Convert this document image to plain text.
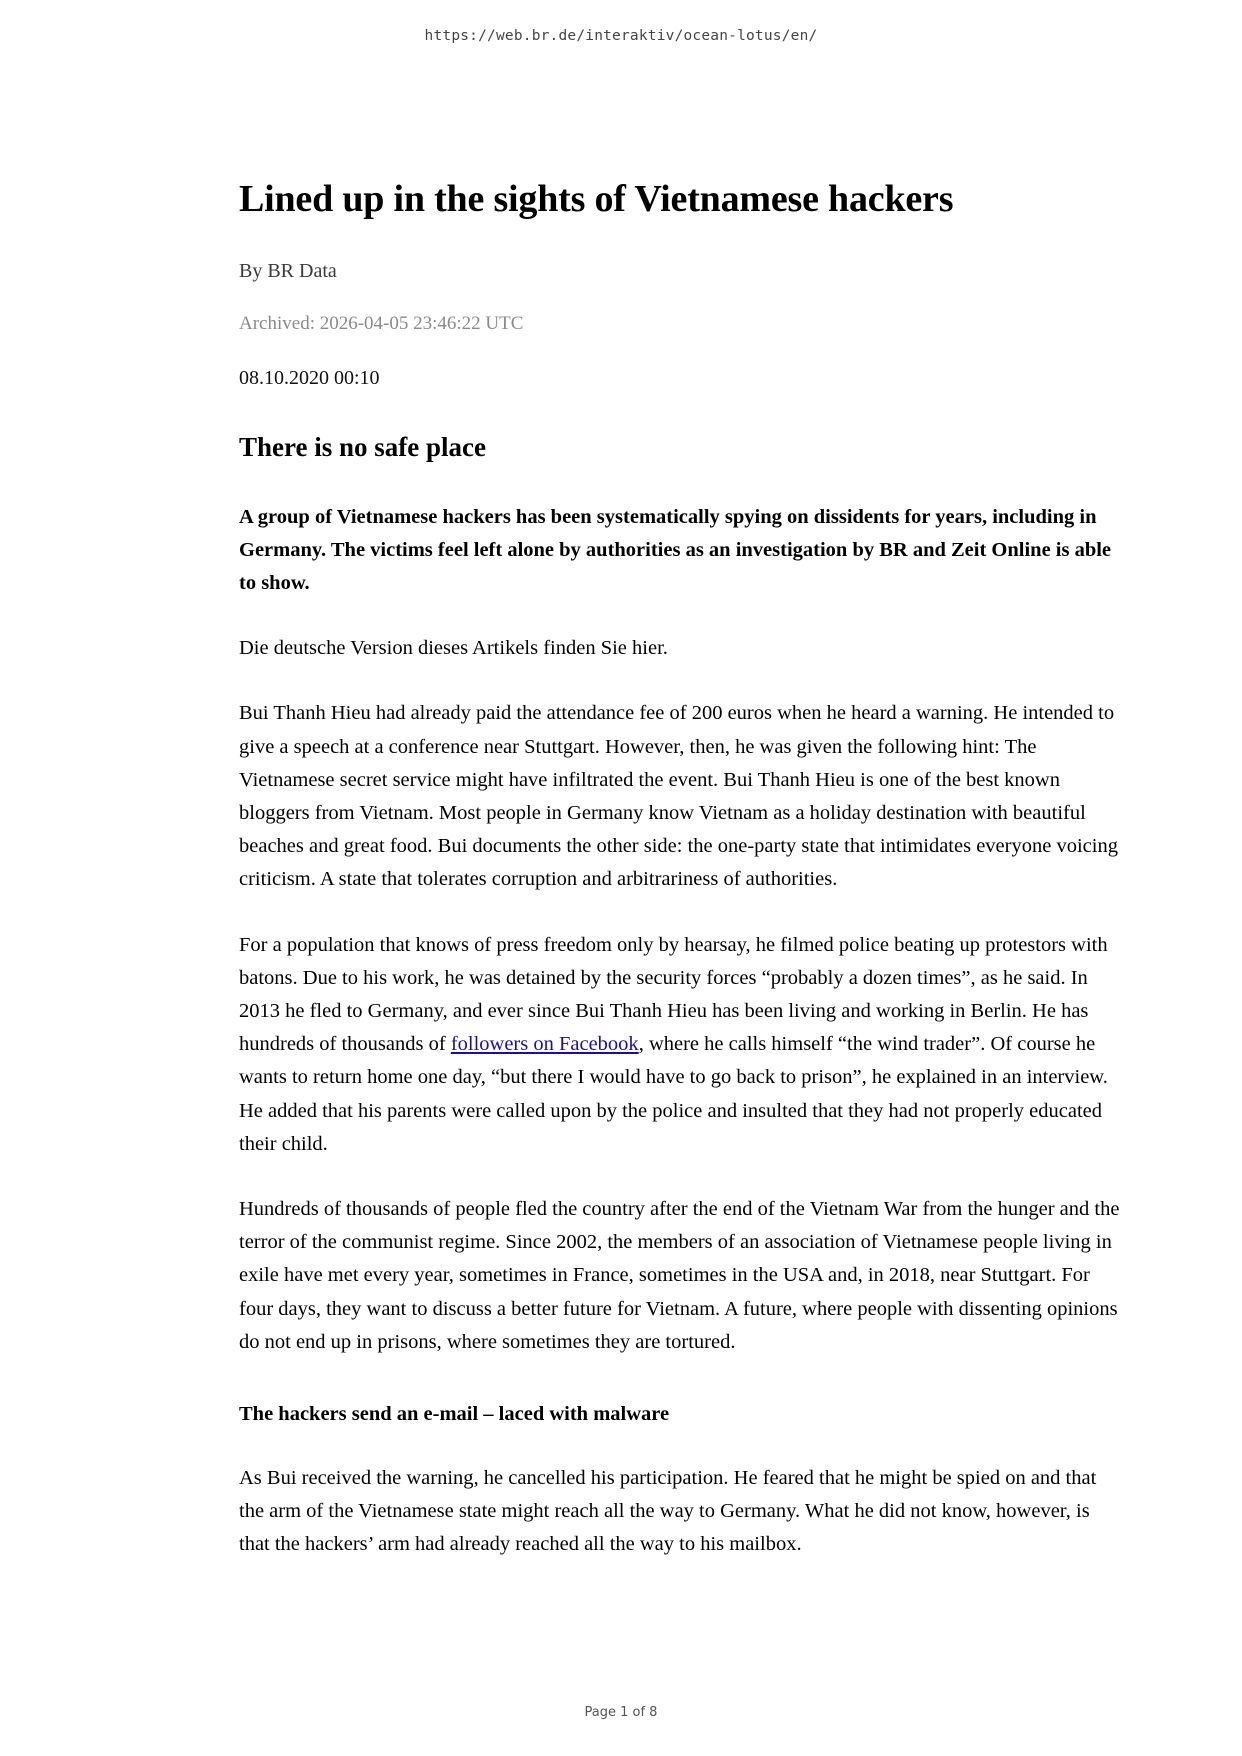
https://web.br.de/interaktiv/ocean-lotus/en/
Lined up in the sights of Vietnamese hackers
By BR Data
Archived: 2026-04-05 23:46:22 UTC
08.10.2020 00:10
There is no safe place

A group of Vietnamese hackers has been systematically spying on dissidents for years, including in Germany. The victims feel left alone by authorities as an investigation by BR and Zeit Online is able to show.

Die deutsche Version dieses Artikels finden Sie hier.

Bui Thanh Hieu had already paid the attendance fee of 200 euros when he heard a warning. He intended to give a speech at a conference near Stuttgart. However, then, he was given the following hint: The Vietnamese secret service might have infiltrated the event. Bui Thanh Hieu is one of the best known bloggers from Vietnam. Most people in Germany know Vietnam as a holiday destination with beautiful beaches and great food. Bui documents the other side: the one-party state that intimidates everyone voicing criticism. A state that tolerates corruption and arbitrariness of authorities.

For a population that knows of press freedom only by hearsay, he filmed police beating up protestors with batons. Due to his work, he was detained by the security forces “probably a dozen times”, as he said. In 2013 he fled to Germany, and ever since Bui Thanh Hieu has been living and working in Berlin. He has hundreds of thousands of followers on Facebook, where he calls himself “the wind trader”. Of course he wants to return home one day, “but there I would have to go back to prison”, he explained in an interview. He added that his parents were called upon by the police and insulted that they had not properly educated their child.

Hundreds of thousands of people fled the country after the end of the Vietnam War from the hunger and the terror of the communist regime. Since 2002, the members of an association of Vietnamese people living in exile have met every year, sometimes in France, sometimes in the USA and, in 2018, near Stuttgart. For four days, they want to discuss a better future for Vietnam. A future, where people with dissenting opinions do not end up in prisons, where sometimes they are tortured.

The hackers send an e-mail – laced with malware

As Bui received the warning, he cancelled his participation. He feared that he might be spied on and that the arm of the Vietnamese state might reach all the way to Germany. What he did not know, however, is that the hackers’ arm had already reached all the way to his mailbox.

Page 1 of 8
